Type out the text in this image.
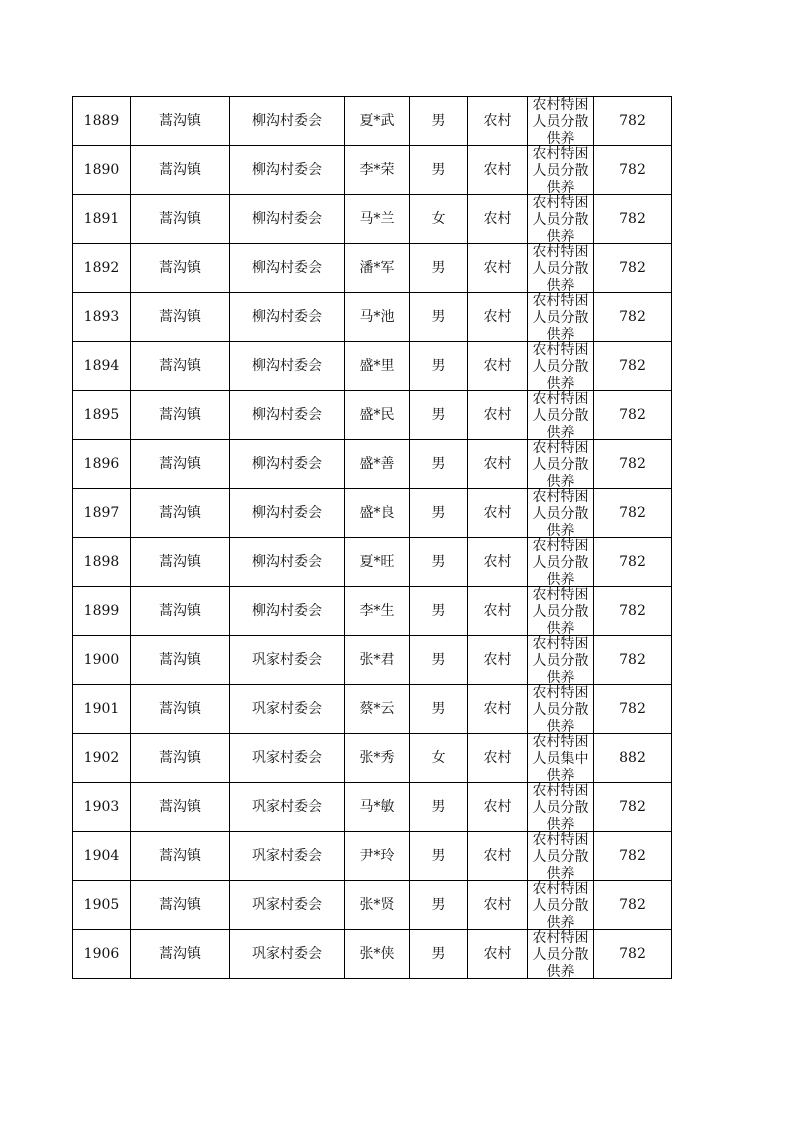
1889	蒿沟镇	柳沟村委会	夏*武	男	农村	农村特困人员分散供养	782
1890	蒿沟镇	柳沟村委会	李*荣	男	农村	农村特困人员分散供养	782
1891	蒿沟镇	柳沟村委会	马*兰	女	农村	农村特困人员分散供养	782
1892	蒿沟镇	柳沟村委会	潘*军	男	农村	农村特困人员分散供养	782
1893	蒿沟镇	柳沟村委会	马*池	男	农村	农村特困人员分散供养	782
1894	蒿沟镇	柳沟村委会	盛*里	男	农村	农村特困人员分散供养	782
1895	蒿沟镇	柳沟村委会	盛*民	男	农村	农村特困人员分散供养	782
1896	蒿沟镇	柳沟村委会	盛*善	男	农村	农村特困人员分散供养	782
1897	蒿沟镇	柳沟村委会	盛*良	男	农村	农村特困人员分散供养	782
1898	蒿沟镇	柳沟村委会	夏*旺	男	农村	农村特困人员分散供养	782
1899	蒿沟镇	柳沟村委会	李*生	男	农村	农村特困人员分散供养	782
1900	蒿沟镇	巩家村委会	张*君	男	农村	农村特困人员分散供养	782
1901	蒿沟镇	巩家村委会	蔡*云	男	农村	农村特困人员分散供养	782
1902	蒿沟镇	巩家村委会	张*秀	女	农村	农村特困人员集中供养	882
1903	蒿沟镇	巩家村委会	马*敏	男	农村	农村特困人员分散供养	782
1904	蒿沟镇	巩家村委会	尹*玲	男	农村	农村特困人员分散供养	782
1905	蒿沟镇	巩家村委会	张*贤	男	农村	农村特困人员分散供养	782
1906	蒿沟镇	巩家村委会	张*侠	男	农村	农村特困人员分散供养	782
